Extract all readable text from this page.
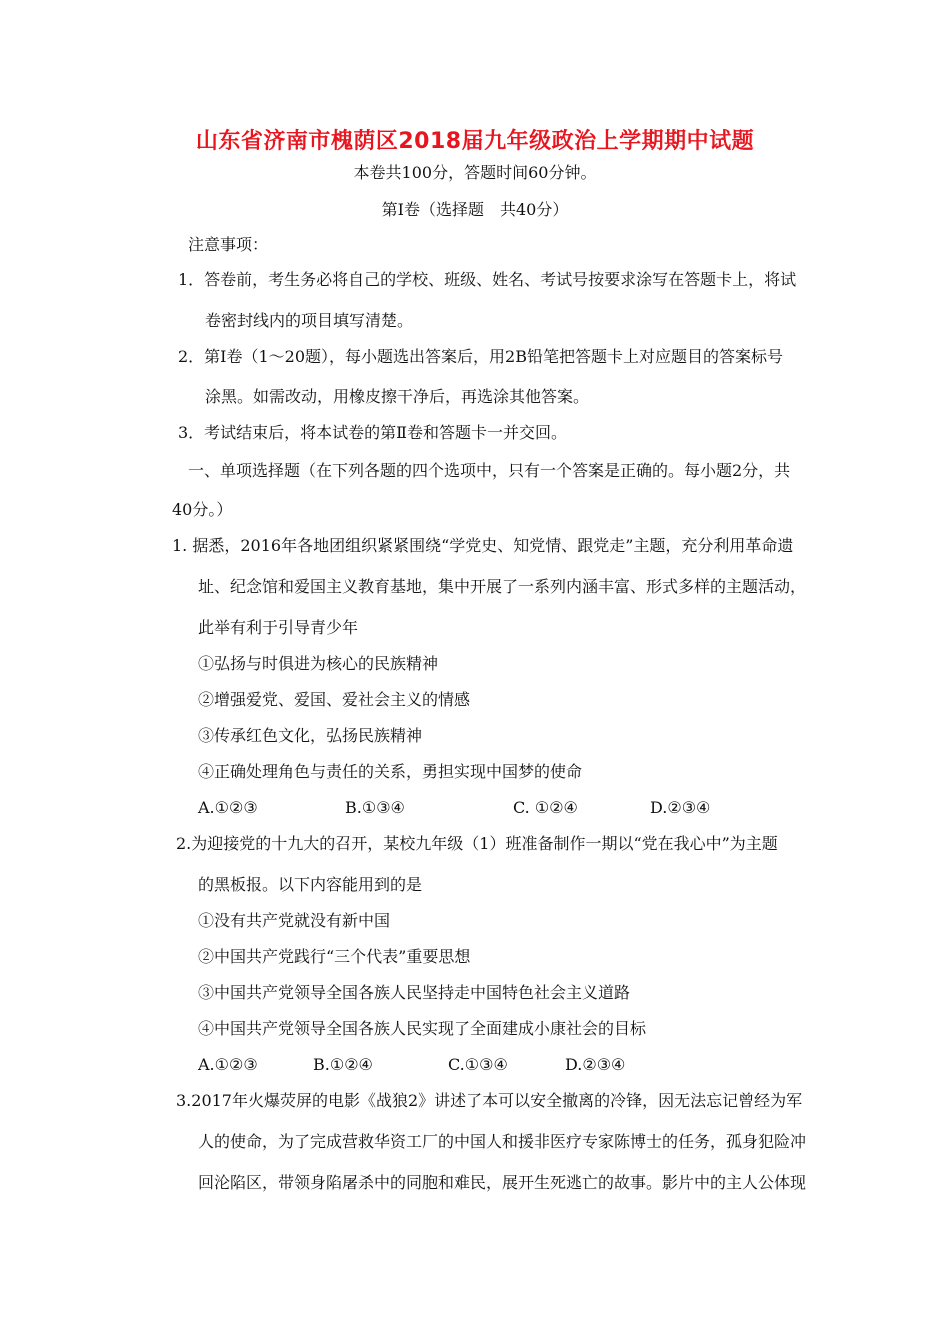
山东省济南市槐荫区2018届九年级政治上学期期中试题
本卷共100分，答题时间60分钟。
第Ⅰ卷（选择题　共40分）
注意事项：
1．答卷前，考生务必将自己的学校、班级、姓名、考试号按要求涂写在答题卡上，将试
卷密封线内的项目填写清楚。
2．第Ⅰ卷（1～20题），每小题选出答案后，用2B铅笔把答题卡上对应题目的答案标号
涂黑。如需改动，用橡皮擦干净后，再选涂其他答案。
3．考试结束后，将本试卷的第Ⅱ卷和答题卡一并交回。
一、单项选择题（在下列各题的四个选项中，只有一个答案是正确的。每小题2分，共
40分。）
1. 据悉，2016年各地团组织紧紧围绕“学党史、知党情、跟党走”主题，充分利用革命遗
址、纪念馆和爱国主义教育基地，集中开展了一系列内涵丰富、形式多样的主题活动，
此举有利于引导青少年
①弘扬与时俱进为核心的民族精神
②增强爱党、爱国、爱社会主义的情感
③传承红色文化，弘扬民族精神
④正确处理角色与责任的关系，勇担实现中国梦的使命
A.①②③	B.①③④	C. ①②④	D.②③④
2.为迎接党的十九大的召开，某校九年级（1）班准备制作一期以“党在我心中”为主题
的黑板报。以下内容能用到的是
①没有共产党就没有新中国
②中国共产党践行“三个代表”重要思想
③中国共产党领导全国各族人民坚持走中国特色社会主义道路
④中国共产党领导全国各族人民实现了全面建成小康社会的目标
A.①②③	B.①②④	C.①③④	D.②③④
3.2017年火爆荧屏的电影《战狼2》讲述了本可以安全撤离的冷锋，因无法忘记曾经为军
人的使命，为了完成营救华资工厂的中国人和援非医疗专家陈博士的任务，孤身犯险冲
回沦陷区，带领身陷屠杀中的同胞和难民，展开生死逃亡的故事。影片中的主人公体现
